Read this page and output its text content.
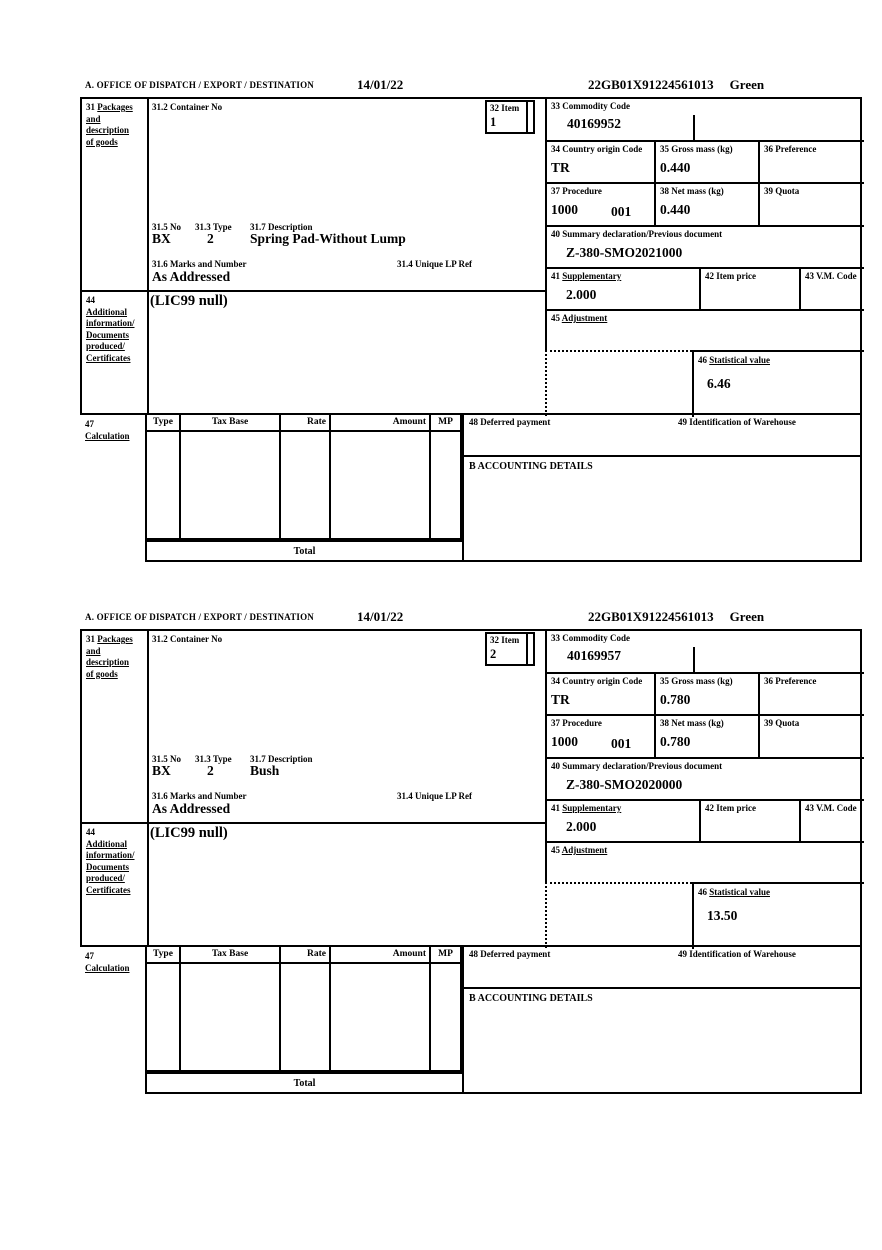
A. OFFICE OF DISPATCH / EXPORT / DESTINATION	14/01/22	22GB01X91224561013 Green
31 Packages
and
description
of goods
44
Additional
information/
Documents
produced/
Certificates
31.2 Container No	32 Item
1
31.5 No 31.3 Type 31.7 Description
BX	2	Spring Pad-Without Lump
31.6 Marks and Number	31.4 Unique LP Ref
As Addressed
(LIC99 null)
33 Commodity Code
40169952
34 Country origin Code
TR
35 Gross mass (kg)
0.440
36 Preference
37 Procedure
1000	001
38 Net mass (kg)
0.440
39 Quota
40 Summary declaration/Previous document
Z-380-SMO2021000
41 Supplementary
2.000
42 Item price	43 V.M. Code
45 Adjustment
46 Statistical value
6.46
47
Calculation
Type	Tax Base	Rate	Amount	MP
Total
48 Deferred payment	49 Identification of Warehouse
B ACCOUNTING DETAILS
A. OFFICE OF DISPATCH / EXPORT / DESTINATION	14/01/22	22GB01X91224561013 Green
31 Packages
and
description
of goods
44
Additional
information/
Documents
produced/
Certificates
31.2 Container No	32 Item
2
31.5 No 31.3 Type 31.7 Description
BX	2	Bush
31.6 Marks and Number	31.4 Unique LP Ref
As Addressed
(LIC99 null)
33 Commodity Code
40169957
34 Country origin Code
TR
35 Gross mass (kg)
0.780
36 Preference
37 Procedure
1000	001
38 Net mass (kg)
0.780
39 Quota
40 Summary declaration/Previous document
Z-380-SMO2020000
41 Supplementary
2.000
42 Item price	43 V.M. Code
45 Adjustment
46 Statistical value
13.50
47
Calculation
Type	Tax Base	Rate	Amount	MP
Total
48 Deferred payment	49 Identification of Warehouse
B ACCOUNTING DETAILS
